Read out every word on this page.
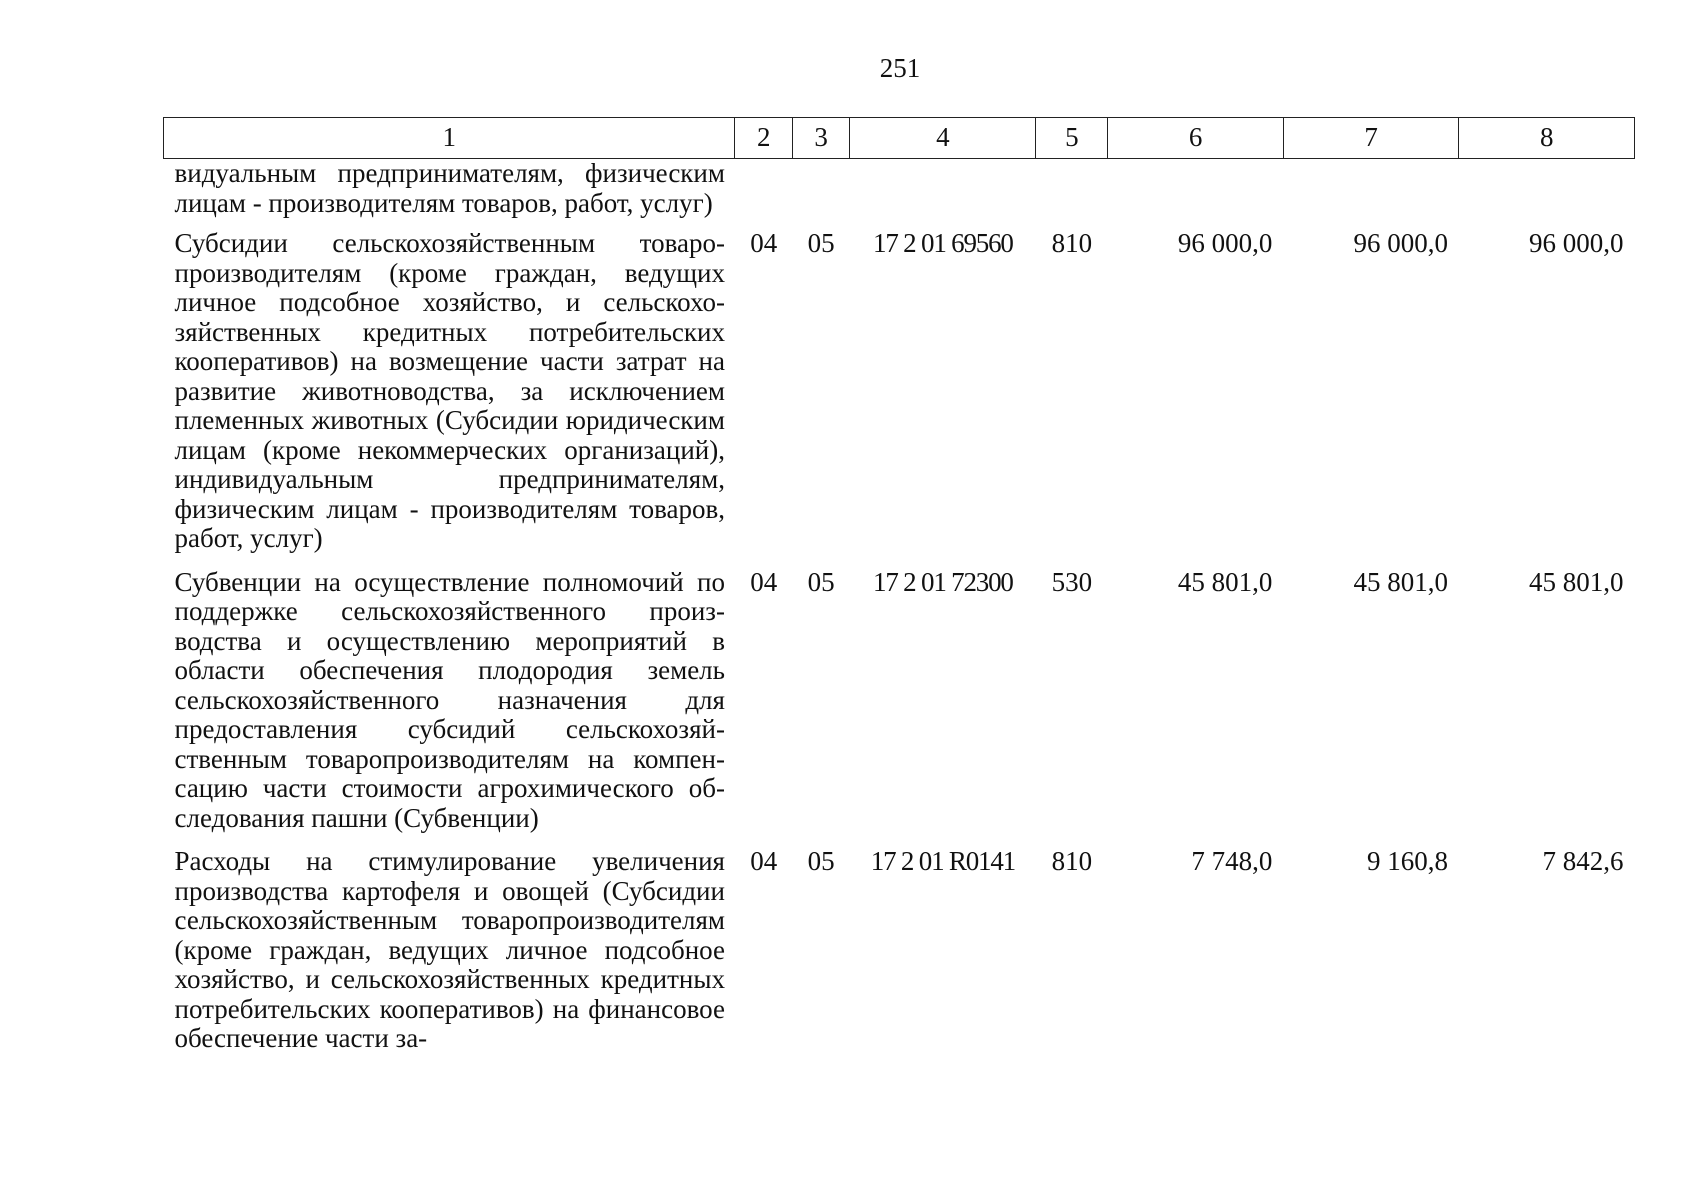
251
1	2	3	4	5	6	7	8
видуальным предпринимателям, физическим лицам - производителям товаров, работ, услуг)							
Субсидии сельскохозяйственным товаропроизводителям (кроме граждан, ведущих личное подсобное хозяйство, и сельскохозяйственных кредитных потребительских кооперативов) на возмещение части затрат на развитие животноводства, за исключением племенных животных (Субсидии юридическим лицам (кроме некоммерческих организаций), индивидуальным предпринимателям, физическим лицам - производителям товаров, работ, услуг)	04	05	17 2 01 69560	810	96 000,0	96 000,0	96 000,0
Субвенции на осуществление полномочий по поддержке сельскохозяйственного производства и осуществлению мероприятий в области обеспечения плодородия земель сельскохозяйственного назначения для предоставления субсидий сельскохозяйственным товаропроизводителям на компенсацию части стоимости агрохимического обследования пашни (Субвенции)	04	05	17 2 01 72300	530	45 801,0	45 801,0	45 801,0
Расходы на стимулирование увеличения производства картофеля и овощей (Субсидии сельскохозяйственным товаропроизводителям (кроме граждан, ведущих личное подсобное хозяйство, и сельскохозяйственных кредитных потребительских кооперативов) на финансовое обеспечение части за-	04	05	17 2 01 R0141	810	7 748,0	9 160,8	7 842,6
